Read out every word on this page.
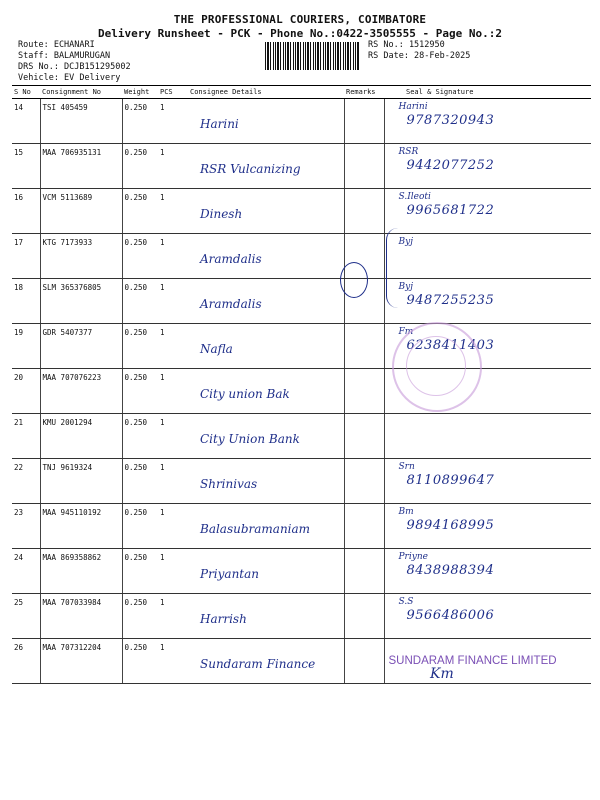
THE PROFESSIONAL COURIERS, COIMBATORE
Delivery Runsheet - PCK - Phone No.:0422-3505555 - Page No.:2
Route: ECHANARI
Staff: BALAMURUGAN
DRS No.: DCJB151295002
Vehicle: EV Delivery
RS No.: 1512950
RS Date: 28-Feb-2025
S No	Consignment No	Weight	PCS	Consignee Details	Remarks	Seal & Signature
14	TSI 405459	0.250	1	Harini		Harini
9787320943

15	MAA 706935131	0.250	1	RSR Vulcanizing		RSR
9442077252

16	VCM 5113689	0.250	1	Dinesh		S.Ileoti
9965681722

17	KTG 7173933	0.250	1	Aramdalis		Byj

18	SLM 365376805	0.250	1	Aramdalis		Byj
9487255235

19	GDR 5407377	0.250	1	Nafla		Fm
6238411403

20	MAA 707076223	0.250	1	City union Bak		

21	KMU 2001294	0.250	1	City Union Bank		

22	TNJ 9619324	0.250	1	Shrinivas		Srn
8110899647

23	MAA 945110192	0.250	1	Balasubramaniam		Bm
9894168995

24	MAA 869358862	0.250	1	Priyantan		Priyne
8438988394

25	MAA 707033984	0.250	1	Harrish		S.S
9566486006

26	MAA 707312204	0.250	1	Sundaram Finance		SUNDARAM FINANCE LIMITED
Km
